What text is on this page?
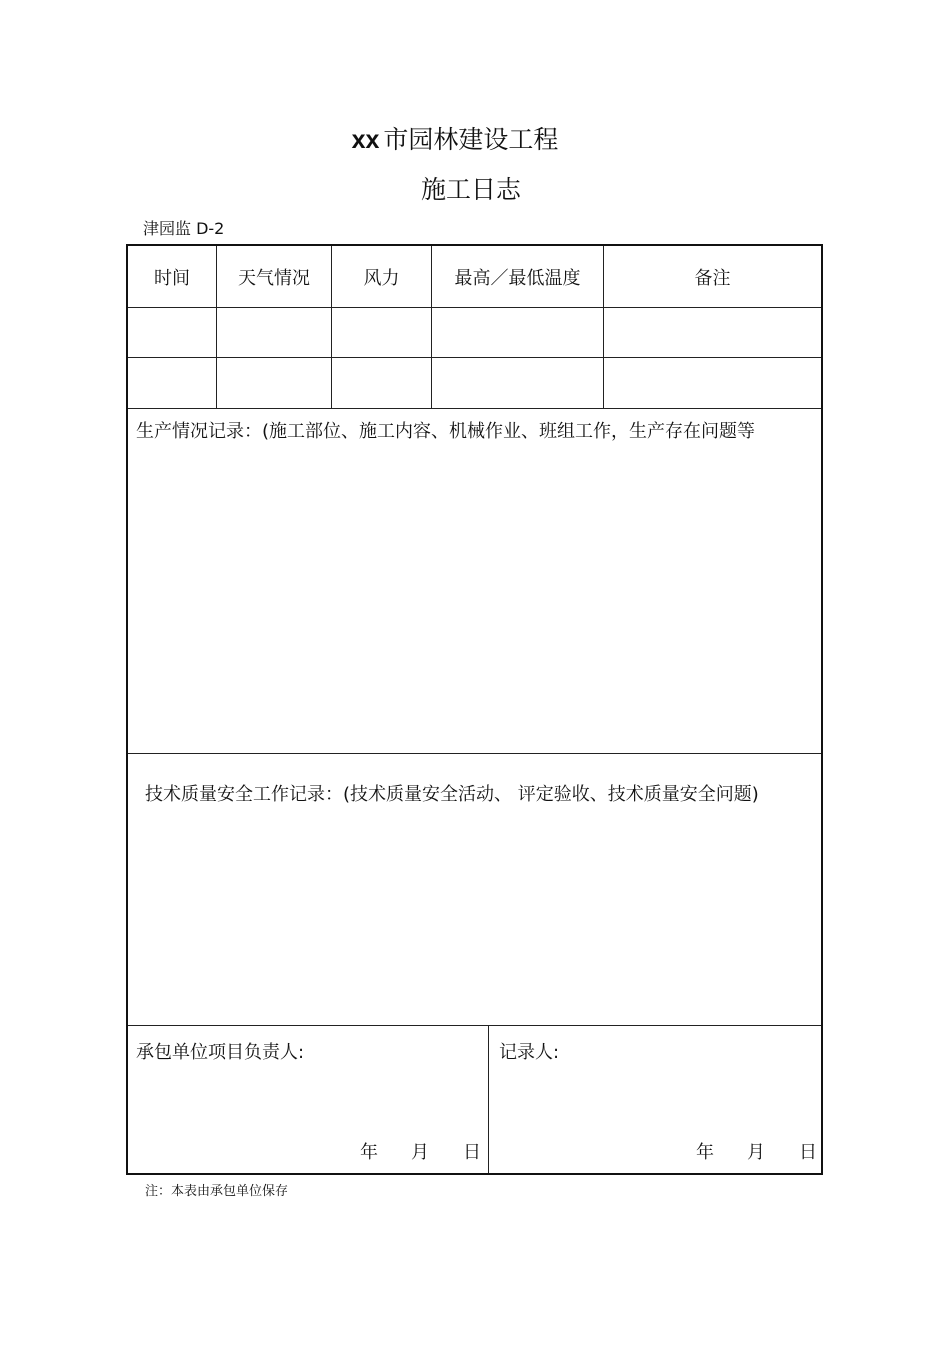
xx 市园林建设工程
施工日志
津园监 D-2
时间	天气情况	风力	最高／最低温度	备注
生产情况记录：(施工部位、施工内容、机械作业、班组工作，生产存在问题等
技术质量安全工作记录：(技术质量安全活动、 评定验收、技术质量安全问题)
承包单位项目负责人:	记录人:
年 月 日	年 月 日
注：本表由承包单位保存
